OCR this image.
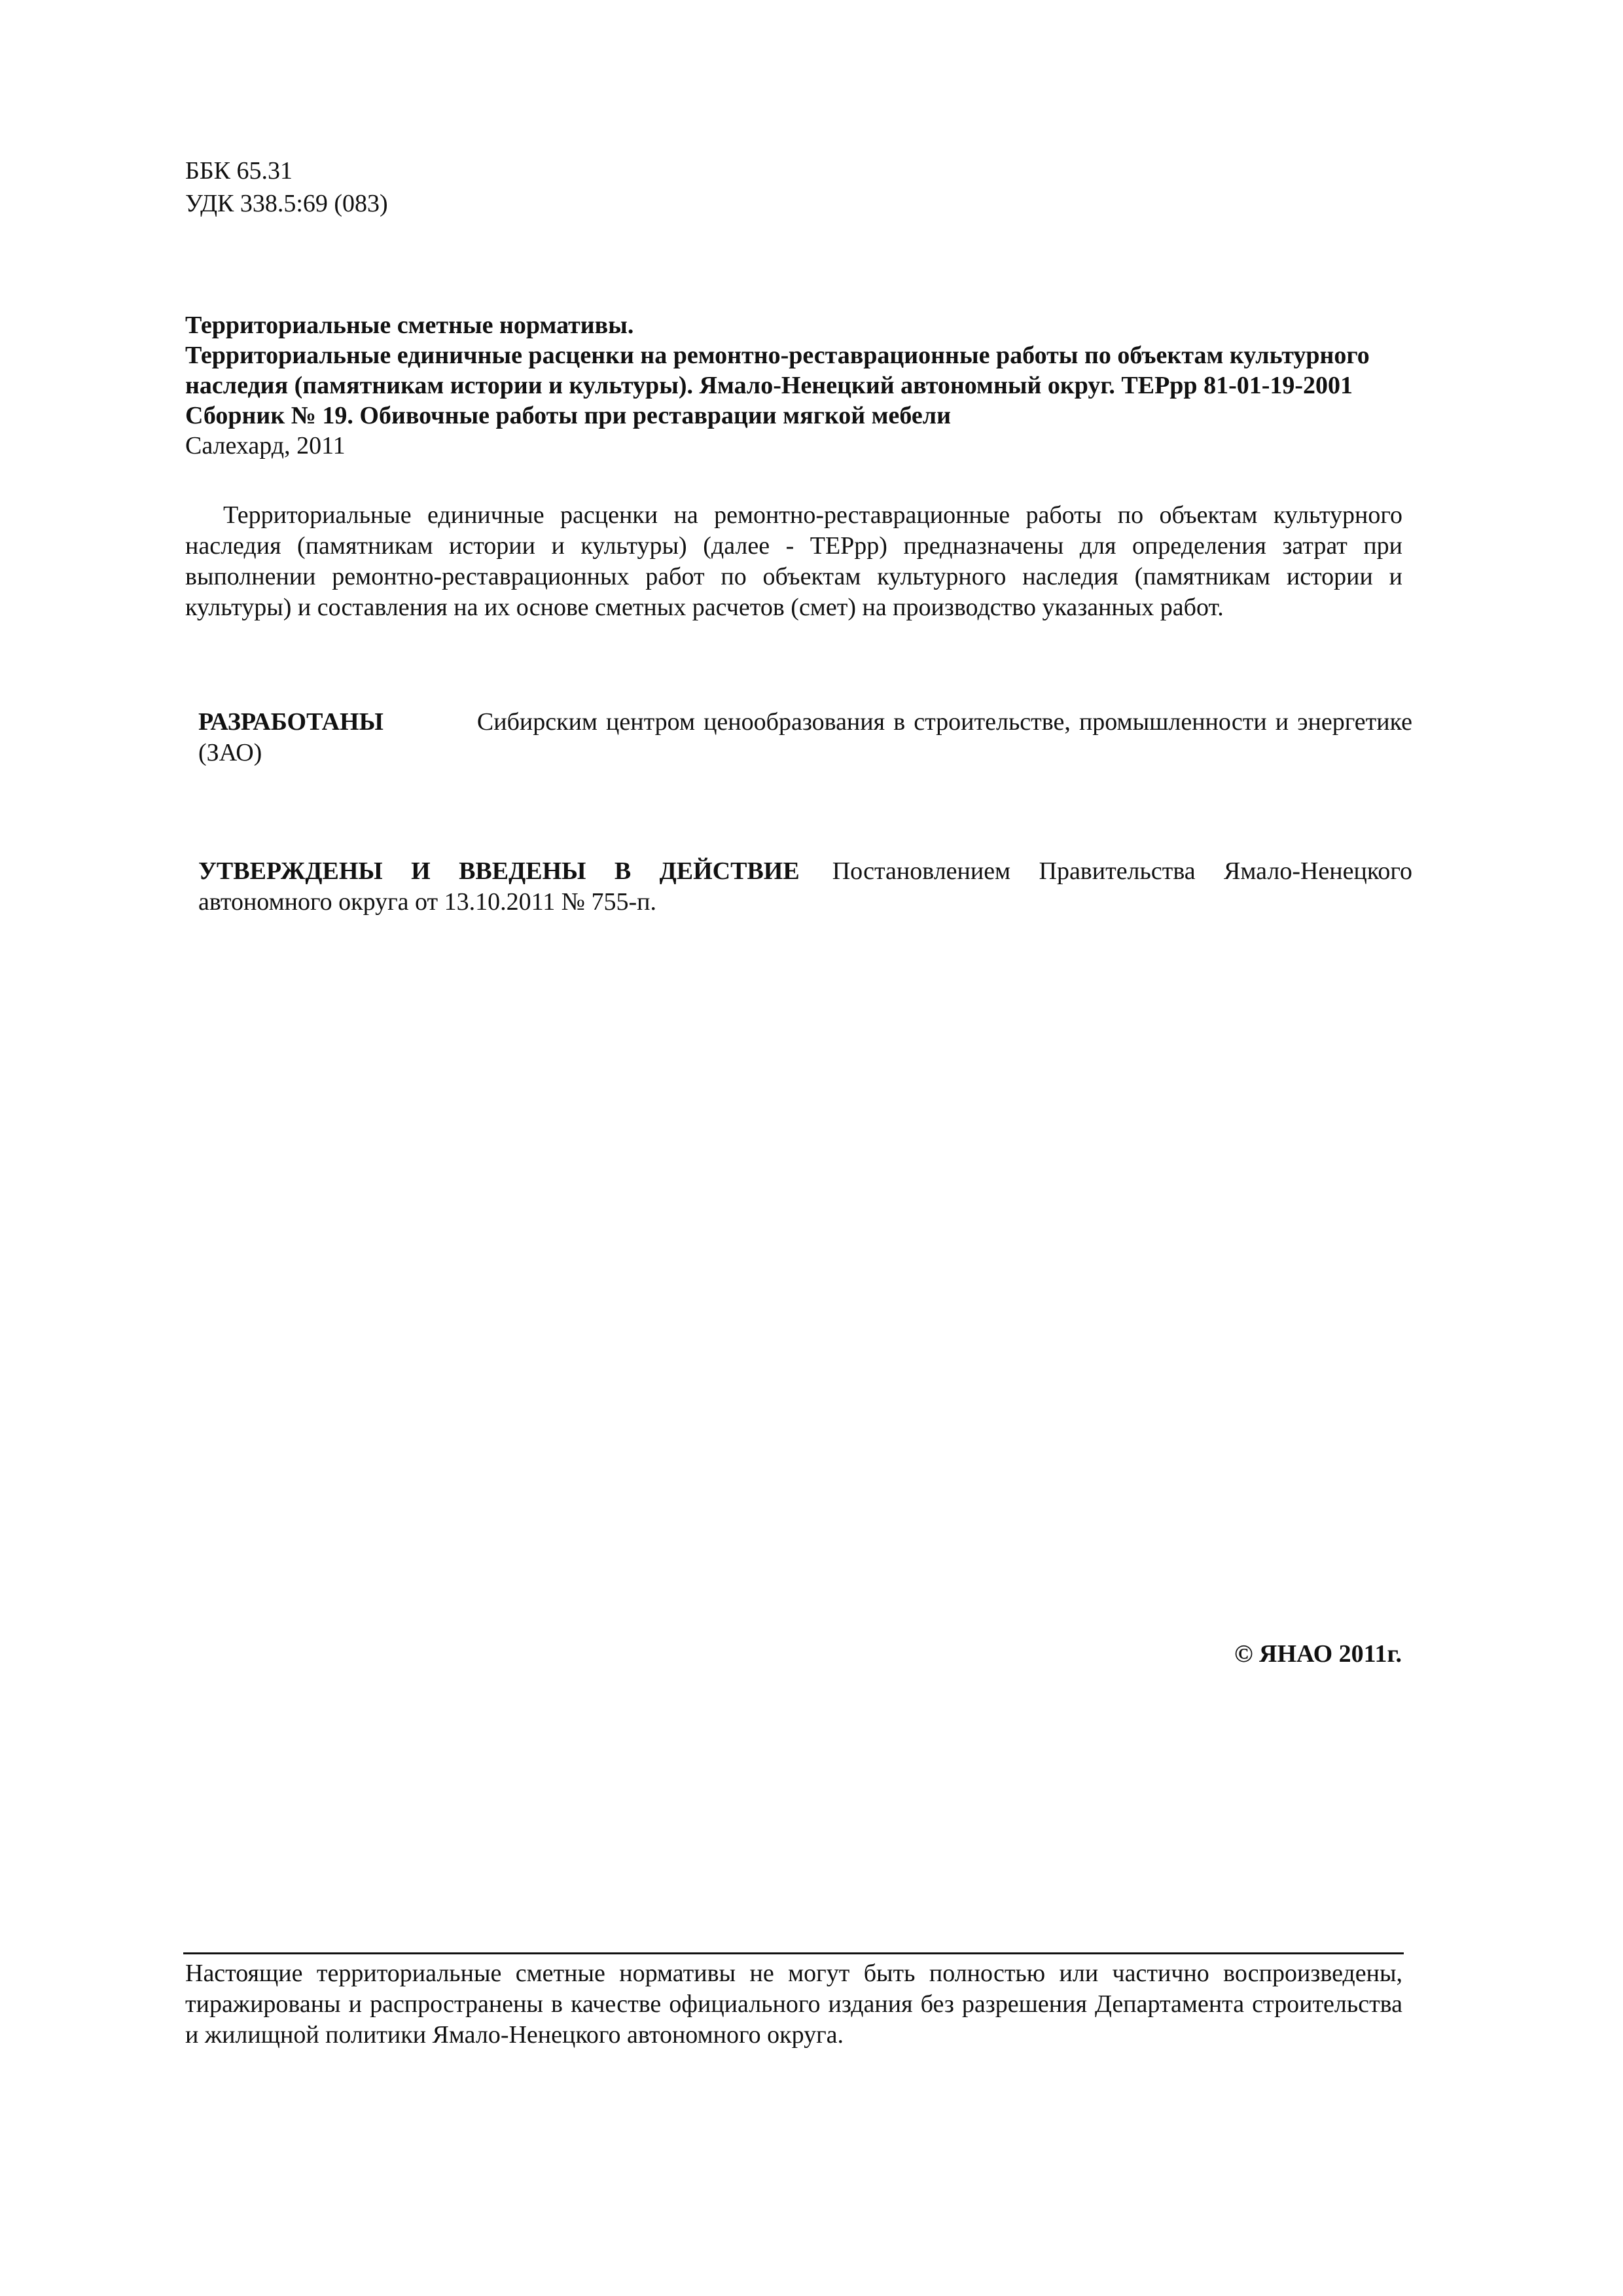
ББК 65.31
УДК 338.5:69 (083)
Территориальные сметные нормативы.
Территориальные единичные расценки на ремонтно-реставрационные работы по объектам культурного наследия (памятникам истории и культуры). Ямало-Ненецкий автономный округ. ТЕРрр 81-01-19-2001 Сборник № 19. Обивочные работы при реставрации мягкой мебели
Салехард, 2011
Территориальные единичные расценки на ремонтно-реставрационные работы по объектам культурного наследия (памятникам истории и культуры) (далее - ТЕРрр) предназначены для определения затрат при выполнении ремонтно-реставрационных работ по объектам культурного наследия (памятникам истории и культуры) и составления на их основе сметных расчетов (смет) на производство указанных работ.
РАЗРАБОТАНЫ	Сибирским центром ценообразования в строительстве, промышленности и энергетике (ЗАО)
УТВЕРЖДЕНЫ И ВВЕДЕНЫ В ДЕЙСТВИЕ Постановлением Правительства Ямало-Ненецкого автономного округа от 13.10.2011 № 755-п.
© ЯНАО 2011г.
Настоящие территориальные сметные нормативы не могут быть полностью или частично воспроизведены, тиражированы и распространены в качестве официального издания без разрешения Департамента строительства и жилищной политики Ямало-Ненецкого автономного округа.
